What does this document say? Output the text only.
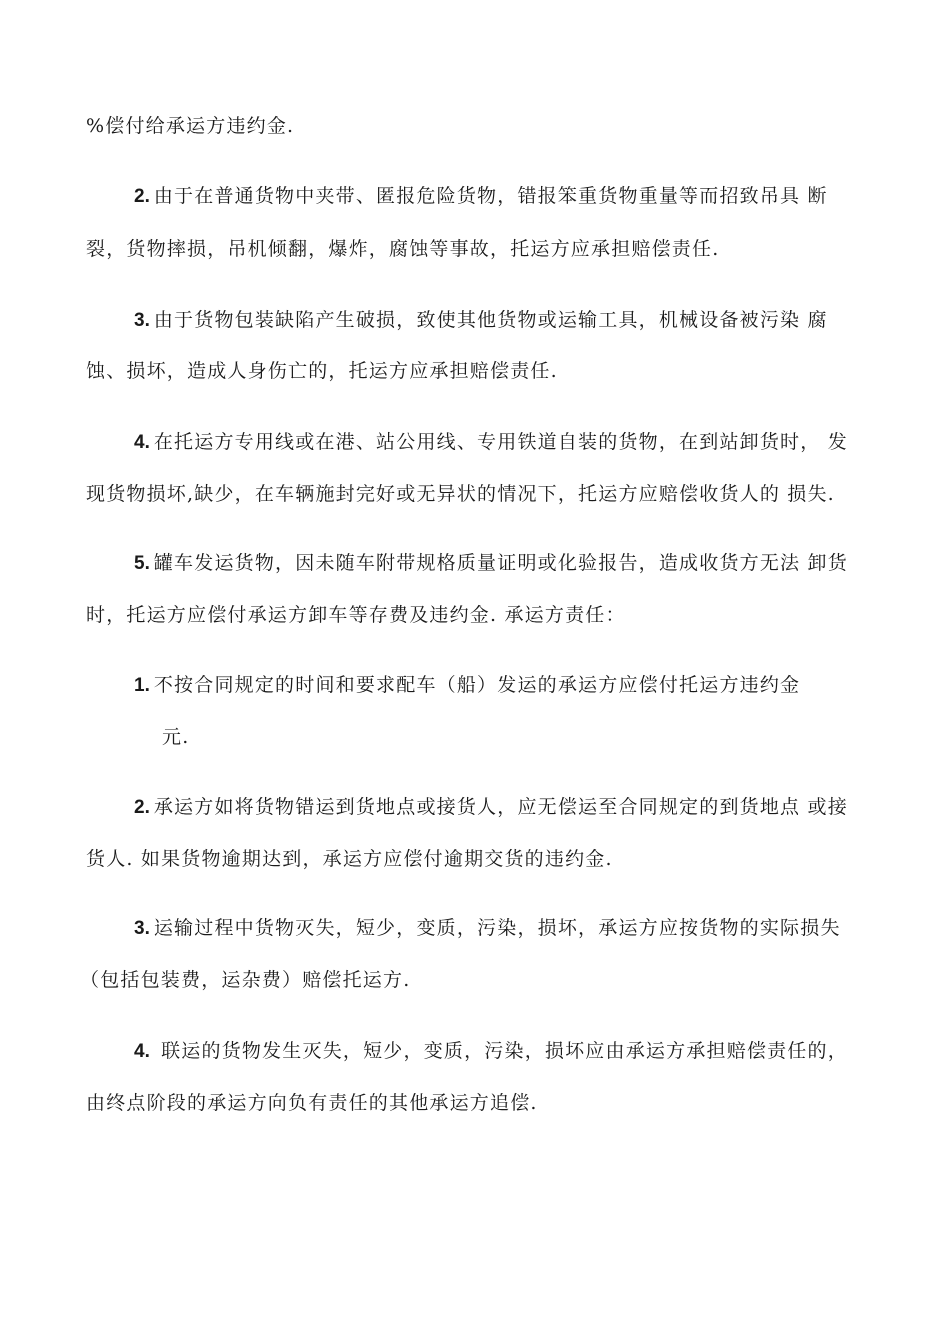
%偿付给承运方违约金.
2. 由于在普通货物中夹带、匿报危险货物，错报笨重货物重量等而招致吊具 断
裂，货物摔损，吊机倾翻，爆炸，腐蚀等事故，托运方应承担赔偿责任.
3. 由于货物包装缺陷产生破损，致使其他货物或运输工具，机械设备被污染 腐
蚀、损坏，造成人身伤亡的，托运方应承担赔偿责任.
4. 在托运方专用线或在港、站公用线、专用铁道自装的货物，在到站卸货时， 发
现货物损坏,缺少，在车辆施封完好或无异状的情况下，托运方应赔偿收货人的 损失.
5. 罐车发运货物，因未随车附带规格质量证明或化验报告，造成收货方无法 卸货
时，托运方应偿付承运方卸车等存费及违约金. 承运方责任：
1. 不按合同规定的时间和要求配车（船）发运的承运方应偿付托运方违约金
元.
2. 承运方如将货物错运到货地点或接货人，应无偿运至合同规定的到货地点 或接
货人. 如果货物逾期达到，承运方应偿付逾期交货的违约金.
3. 运输过程中货物灭失，短少，变质，污染，损坏，承运方应按货物的实际损失
（包括包装费，运杂费）赔偿托运方.
4. 联运的货物发生灭失，短少，变质，污染，损坏应由承运方承担赔偿责任的，
由终点阶段的承运方向负有责任的其他承运方追偿.
